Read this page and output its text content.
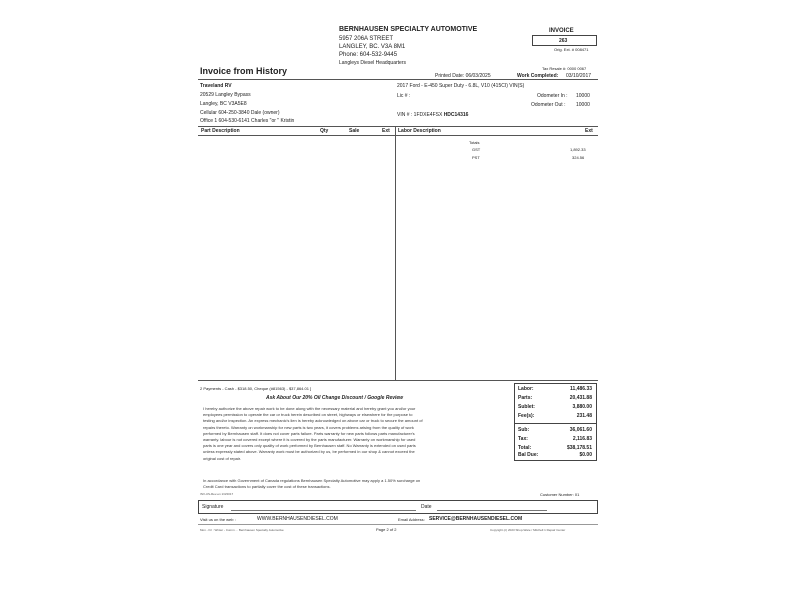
BERNHAUSEN SPECIALTY AUTOMOTIVE
5957 206A STREET
LANGLEY, BC. V3A 8M1
Phone: 604-532-9445
Langleys Diesel Headquarters
INVOICE
263
Orig. Ext. # 008471
Invoice from History	Tax Resale #: 0000 0067
Printed Date: 06/03/2025	Work Completed: 03/10/2017
Traveland RV
20529 Langley Bypass
Langley, BC V3A5E8
Cellular 604-250-3840 Dale (owner)
Office 1 604-530-6141 Charles "or " Kristin
2017 Ford - E-450 Super Duty - 6.8L, V10 (415CI) VIN(S)
Lic # :
VIN # : 1FDXE4FSX HDC14316
Odometer In : 10000
Odometer Out : 10000
Part Description	Qty	Sale	Ext Labor Description	Ext
Totals
GST	1,892.33
PST	324.56
2 Payments - Cash - $318.50, Cheque (#81563) - $37,864.01 ]
Ask About Our 20% Oil Change Discount / Google Review
I hereby authorize the above repair work to be done along with the necessary material and hereby grant you and/or your
employees permission to operate the car or truck herein described on street, highways or elsewhere for the purpose to
testing and/or inspection. An express mechanic's lien is hereby acknowledged on above car or truck to secure the amount of
repairs thereto. Warranty on workmanship for new parts is two years, it covers problems arising from the quality of work
performed by Bernhausen staff. It does not cover parts failure. Parts warranty for new parts follows parts manufacturer's
warranty. labour is not covered except where it is covered by the parts manufacturer. Warranty on workmanship for used
parts is one year and covers only quality of work performed by Bernhausen staff. No Warranty is extended on used parts
unless expressly stated above. Warranty work must be authorized by us, be performed in our shop & cannot exceed the
original cost of repair.
In accordance with Government of Canada regulations Bernhausen Specialty Automotive may apply a 1.50% surcharge on
Credit Card transactions to partially cover the cost of these transactions.
INV-US-Rev-en 1/3/2017	Customer Number: 01
Labor:	11,486.33
Parts:	20,431.88
Sublet:	3,880.00
Fee(s):	231.48
Sub:	36,061.60
Tax:	2,116.83
Total:	$38,178.51
Bal Due:	$0.00
Signature	Date
Visit us on the web :	WWW.BERNHAUSENDIESEL.COM	Email Address: SERVICE@BERNHAUSENDIESEL.COM
Mon - Fri : Winter - Cumm ... Bernhausen Specialty Automotive	Page 2 of 2	Copyright (c) 2023 Shop-Ware / Mitchell 1 Repair Center
